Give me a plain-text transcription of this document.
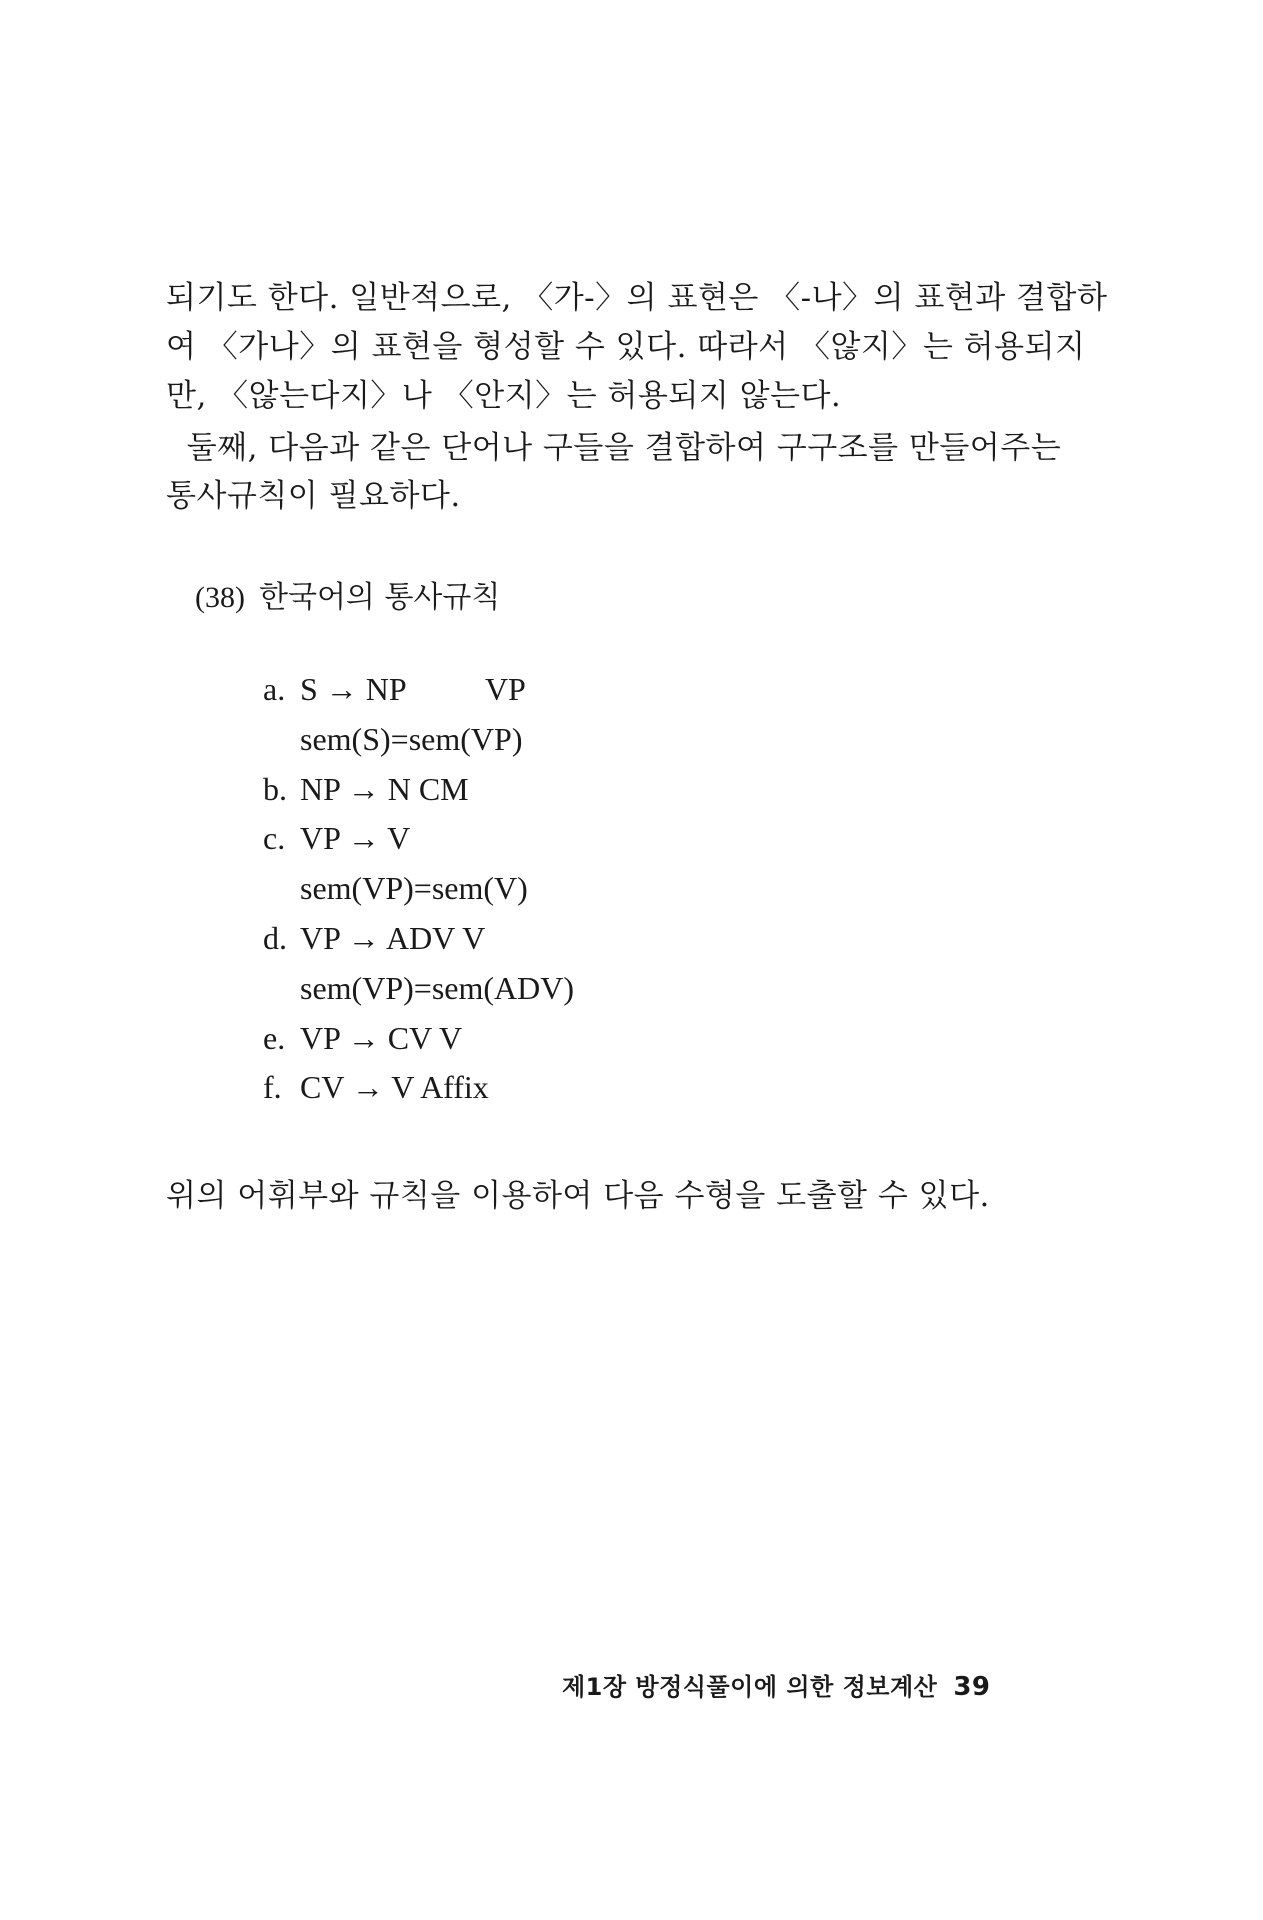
되기도 한다. 일반적으로, 〈가-〉의 표현은 〈-나〉의 표현과 결합하
여 〈가나〉의 표현을 형성할 수 있다. 따라서 〈않지〉는 허용되지
만, 〈않는다지〉나 〈안지〉는 허용되지 않는다.
둘째, 다음과 같은 단어나 구들을 결합하여 구구조를 만들어주는
통사규칙이 필요하다.
(38) 한국어의 통사규칙
a. S → NP          VP
sem(S)=sem(VP)
b. NP → N CM
c. VP → V
sem(VP)=sem(V)
d. VP → ADV V
sem(VP)=sem(ADV)
e. VP → CV V
f. CV → V Affix
위의 어휘부와 규칙을 이용하여 다음 수형을 도출할 수 있다.
제1장 방정식풀이에 의한 정보계산 39
